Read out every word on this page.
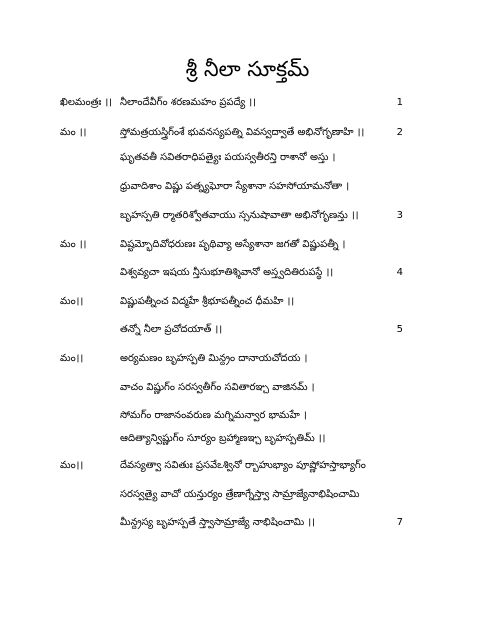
శ్రీ నీలా సూక్తమ్
ఖిలమంత్రః ।। నీలాందేవీగ్ం శరణమహం ప్రపద్యే ।।	1
మం ।।	స్తోమత్రయస్త్రిగ్ంశే భువనస్యపత్ని వివస్వద్వాతే అభినోగృణాహి ।।	2
ఘృతవతీ సవితరాధిపత్యైః పయస్వతీరన్తి రాశానో అస్తు ।
ధ్రువాదిశాం విష్ణు పత్న్యఘోరా స్యేశానా సహసోయామనోతా ।
బృహస్పతి ర్మాతరిశ్వోతవాయు స్సనుషావాతా అభినోగృణన్తు ।।	3
మం ।।	విష్టమ్భోదివోధరుణః పృథివ్యా అస్యేశానా జగతో విష్ణుపత్నీ ।
విశ్వవ్యచా ఇషయ న్తీసుభూతిశ్శివానో అస్త్వదితిరుపస్థే ।।	4
మం।।	విష్ణుపత్నీంచ విద్మహే శ్రీభూపత్నీంచ ధీమహి ।।
తన్నో నీలా ప్రచోదయాత్ ।।	5
మం।।	అర్యమణం బృహస్పతి మిన్ద్రం దానాయచోదయ ।
వాచం విష్ణుగ్ం సరస్వతీగ్ం సవితారఞ్చ వాజినమ్ ।
సోమగ్ం రాజానంవరుణ మగ్నిమన్వార భామహే ।
ఆదిత్యాన్విష్ణుగ్ం సూర్యం బ్రహ్మాణఞ్చ బృహస్పతిమ్ ।।
మం।।	దేవస్యత్వా సవితుః ప్రసవేఽశ్వినో ర్బాహుభ్యాం పూష్ణోహస్తాభ్యాగ్ం
సరస్వత్యై వాచో యన్తుర్యం త్రేణాగ్నేస్త్వా సామ్రాజ్యేనాభిషించామి
మీన్ద్రస్య బృహస్పతే స్త్వాసామ్రాజ్యే నాభిషించామి ।।	7
